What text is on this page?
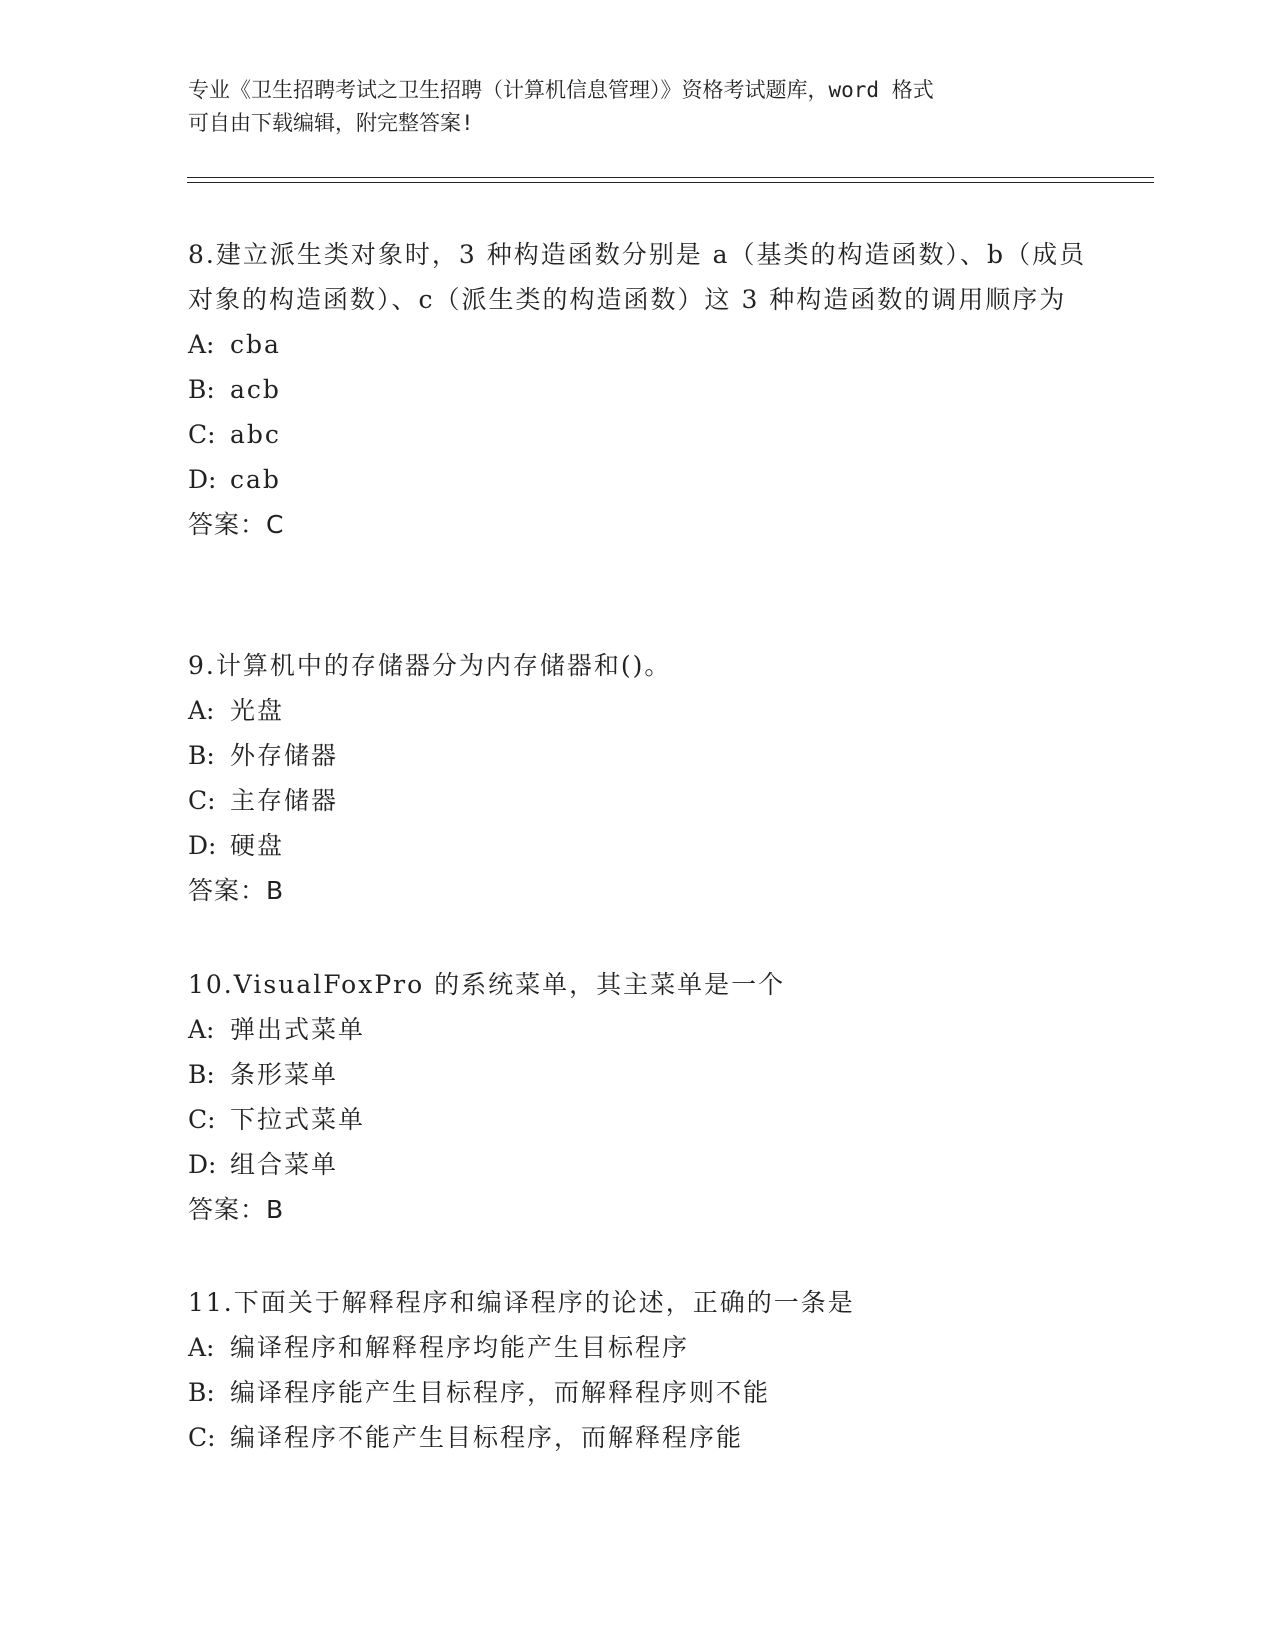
专业《卫生招聘考试之卫生招聘（计算机信息管理）》资格考试题库，word 格式
可自由下载编辑，附完整答案!
8.建立派生类对象时，3 种构造函数分别是 a（基类的构造函数）、b（成员对象的构造函数）、c（派生类的构造函数）这 3 种构造函数的调用顺序为
A: cba
B: acb
C: abc
D: cab
答案：C
9.计算机中的存储器分为内存储器和()。
A: 光盘
B: 外存储器
C: 主存储器
D: 硬盘
答案：B
10.VisualFoxPro 的系统菜单，其主菜单是一个
A: 弹出式菜单
B: 条形菜单
C: 下拉式菜单
D: 组合菜单
答案：B
11.下面关于解释程序和编译程序的论述，正确的一条是
A: 编译程序和解释程序均能产生目标程序
B: 编译程序能产生目标程序，而解释程序则不能
C: 编译程序不能产生目标程序，而解释程序能
